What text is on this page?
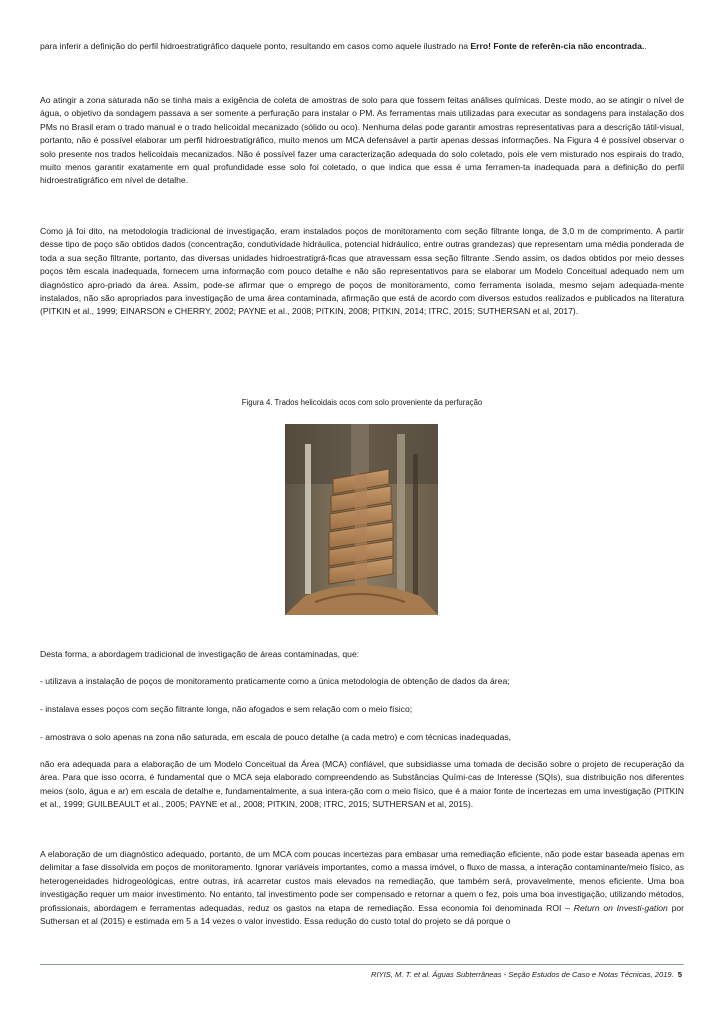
para inferir a definição do perfil hidroestratigráfico daquele ponto, resultando em casos como aquele ilustrado na Erro! Fonte de referên-cia não encontrada..

Ao atingir a zona saturada não se tinha mais a exigência de coleta de amostras de solo para que fossem feitas análises químicas. Deste modo, ao se atingir o nível de água, o objetivo da sondagem passava a ser somente a perfuração para instalar o PM. As ferramentas mais utilizadas para executar as sondagens para instalação dos PMs no Brasil eram o trado manual e o trado helicoidal mecanizado (sólido ou oco). Nenhuma delas pode garantir amostras representativas para a descrição tátil-visual, portanto, não é possível elaborar um perfil hidroestratigráfico, muito menos um MCA defensável a partir apenas dessas informações. Na Figura 4 é possível observar o solo presente nos trados helicoidais mecanizados. Não é possível fazer uma caracterização adequada do solo coletado, pois ele vem misturado nos espirais do trado, muito menos garantir exatamente em qual profundidade esse solo foi coletado, o que indica que essa é uma ferramen-ta inadequada para a definição do perfil hidroestratigráfico em nível de detalhe.

Como já foi dito, na metodologia tradicional de investigação, eram instalados poços de monitoramento com seção filtrante longa, de 3,0 m de comprimento. A partir desse tipo de poço são obtidos dados (concentração, condutividade hidráulica, potencial hidráulico, entre outras grandezas) que representam uma média ponderada de toda a sua seção filtrante, portanto, das diversas unidades hidroestratigrá-ficas que atravessam essa seção filtrante .Sendo assim, os dados obtidos por meio desses poços têm escala inadequada, fornecem uma informação com pouco detalhe e não são representativos para se elaborar um Modelo Conceitual adequado nem um diagnóstico apro-priado da área. Assim, pode-se afirmar que o emprego de poços de monitoramento, como ferramenta isolada, mesmo sejam adequada-mente instalados, não são apropriados para investigação de uma área contaminada, afirmação que está de acordo com diversos estudos realizados e publicados na literatura (PITKIN et al., 1999; EINARSON e CHERRY, 2002; PAYNE et al., 2008; PITKIN, 2008; PITKIN, 2014; ITRC, 2015; SUTHERSAN et al, 2017).

Figura 4. Trados helicoidais ocos com solo proveniente da perfuração

Desta forma, a abordagem tradicional de investigação de áreas contaminadas, que:

- utilizava a instalação de poços de monitoramento praticamente como a única metodologia de obtenção de dados da área;

- instalava esses poços com seção filtrante longa, não afogados e sem relação com o meio físico;

- amostrava o solo apenas na zona não saturada, em escala de pouco detalhe (a cada metro) e com técnicas inadequadas,

não era adequada para a elaboração de um Modelo Conceitual da Área (MCA) confiável, que subsidiasse uma tomada de decisão sobre o projeto de recuperação da área. Para que isso ocorra, é fundamental que o MCA seja elaborado compreendendo as Substâncias Quími-cas de Interesse (SQIs), sua distribuição nos diferentes meios (solo, água e ar) em escala de detalhe e, fundamentalmente, a sua intera-ção com o meio físico, que é a maior fonte de incertezas em uma investigação (PITKIN et al., 1999; GUILBEAULT et al., 2005; PAYNE et al., 2008; PITKIN, 2008; ITRC, 2015; SUTHERSAN et al, 2015).

A elaboração de um diagnóstico adequado, portanto, de um MCA com poucas incertezas para embasar uma remediação eficiente, não pode estar baseada apenas em delimitar a fase dissolvida em poços de monitoramento. Ignorar variáveis importantes, como a massa imóvel, o fluxo de massa, a interação contaminante/meio físico, as heterogeneidades hidrogeológicas, entre outras, irá acarretar custos mais elevados na remediação, que também será, provavelmente, menos eficiente. Uma boa investigação requer um maior investimento. No entanto, tal investimento pode ser compensado e retornar a quem o fez, pois uma boa investigação, utilizando métodos, profissionais, abordagem e ferramentas adequadas, reduz os gastos na etapa de remediação. Essa economia foi denominada ROI – Return on Investi-gation por Suthersan et al (2015) e estimada em 5 a 14 vezes o valor investido. Essa redução do custo total do projeto se dá porque o

RIYIS, M. T. et al. Águas Subterrâneas - Seção Estudos de Caso e Notas Técnicas, 2019. 5
